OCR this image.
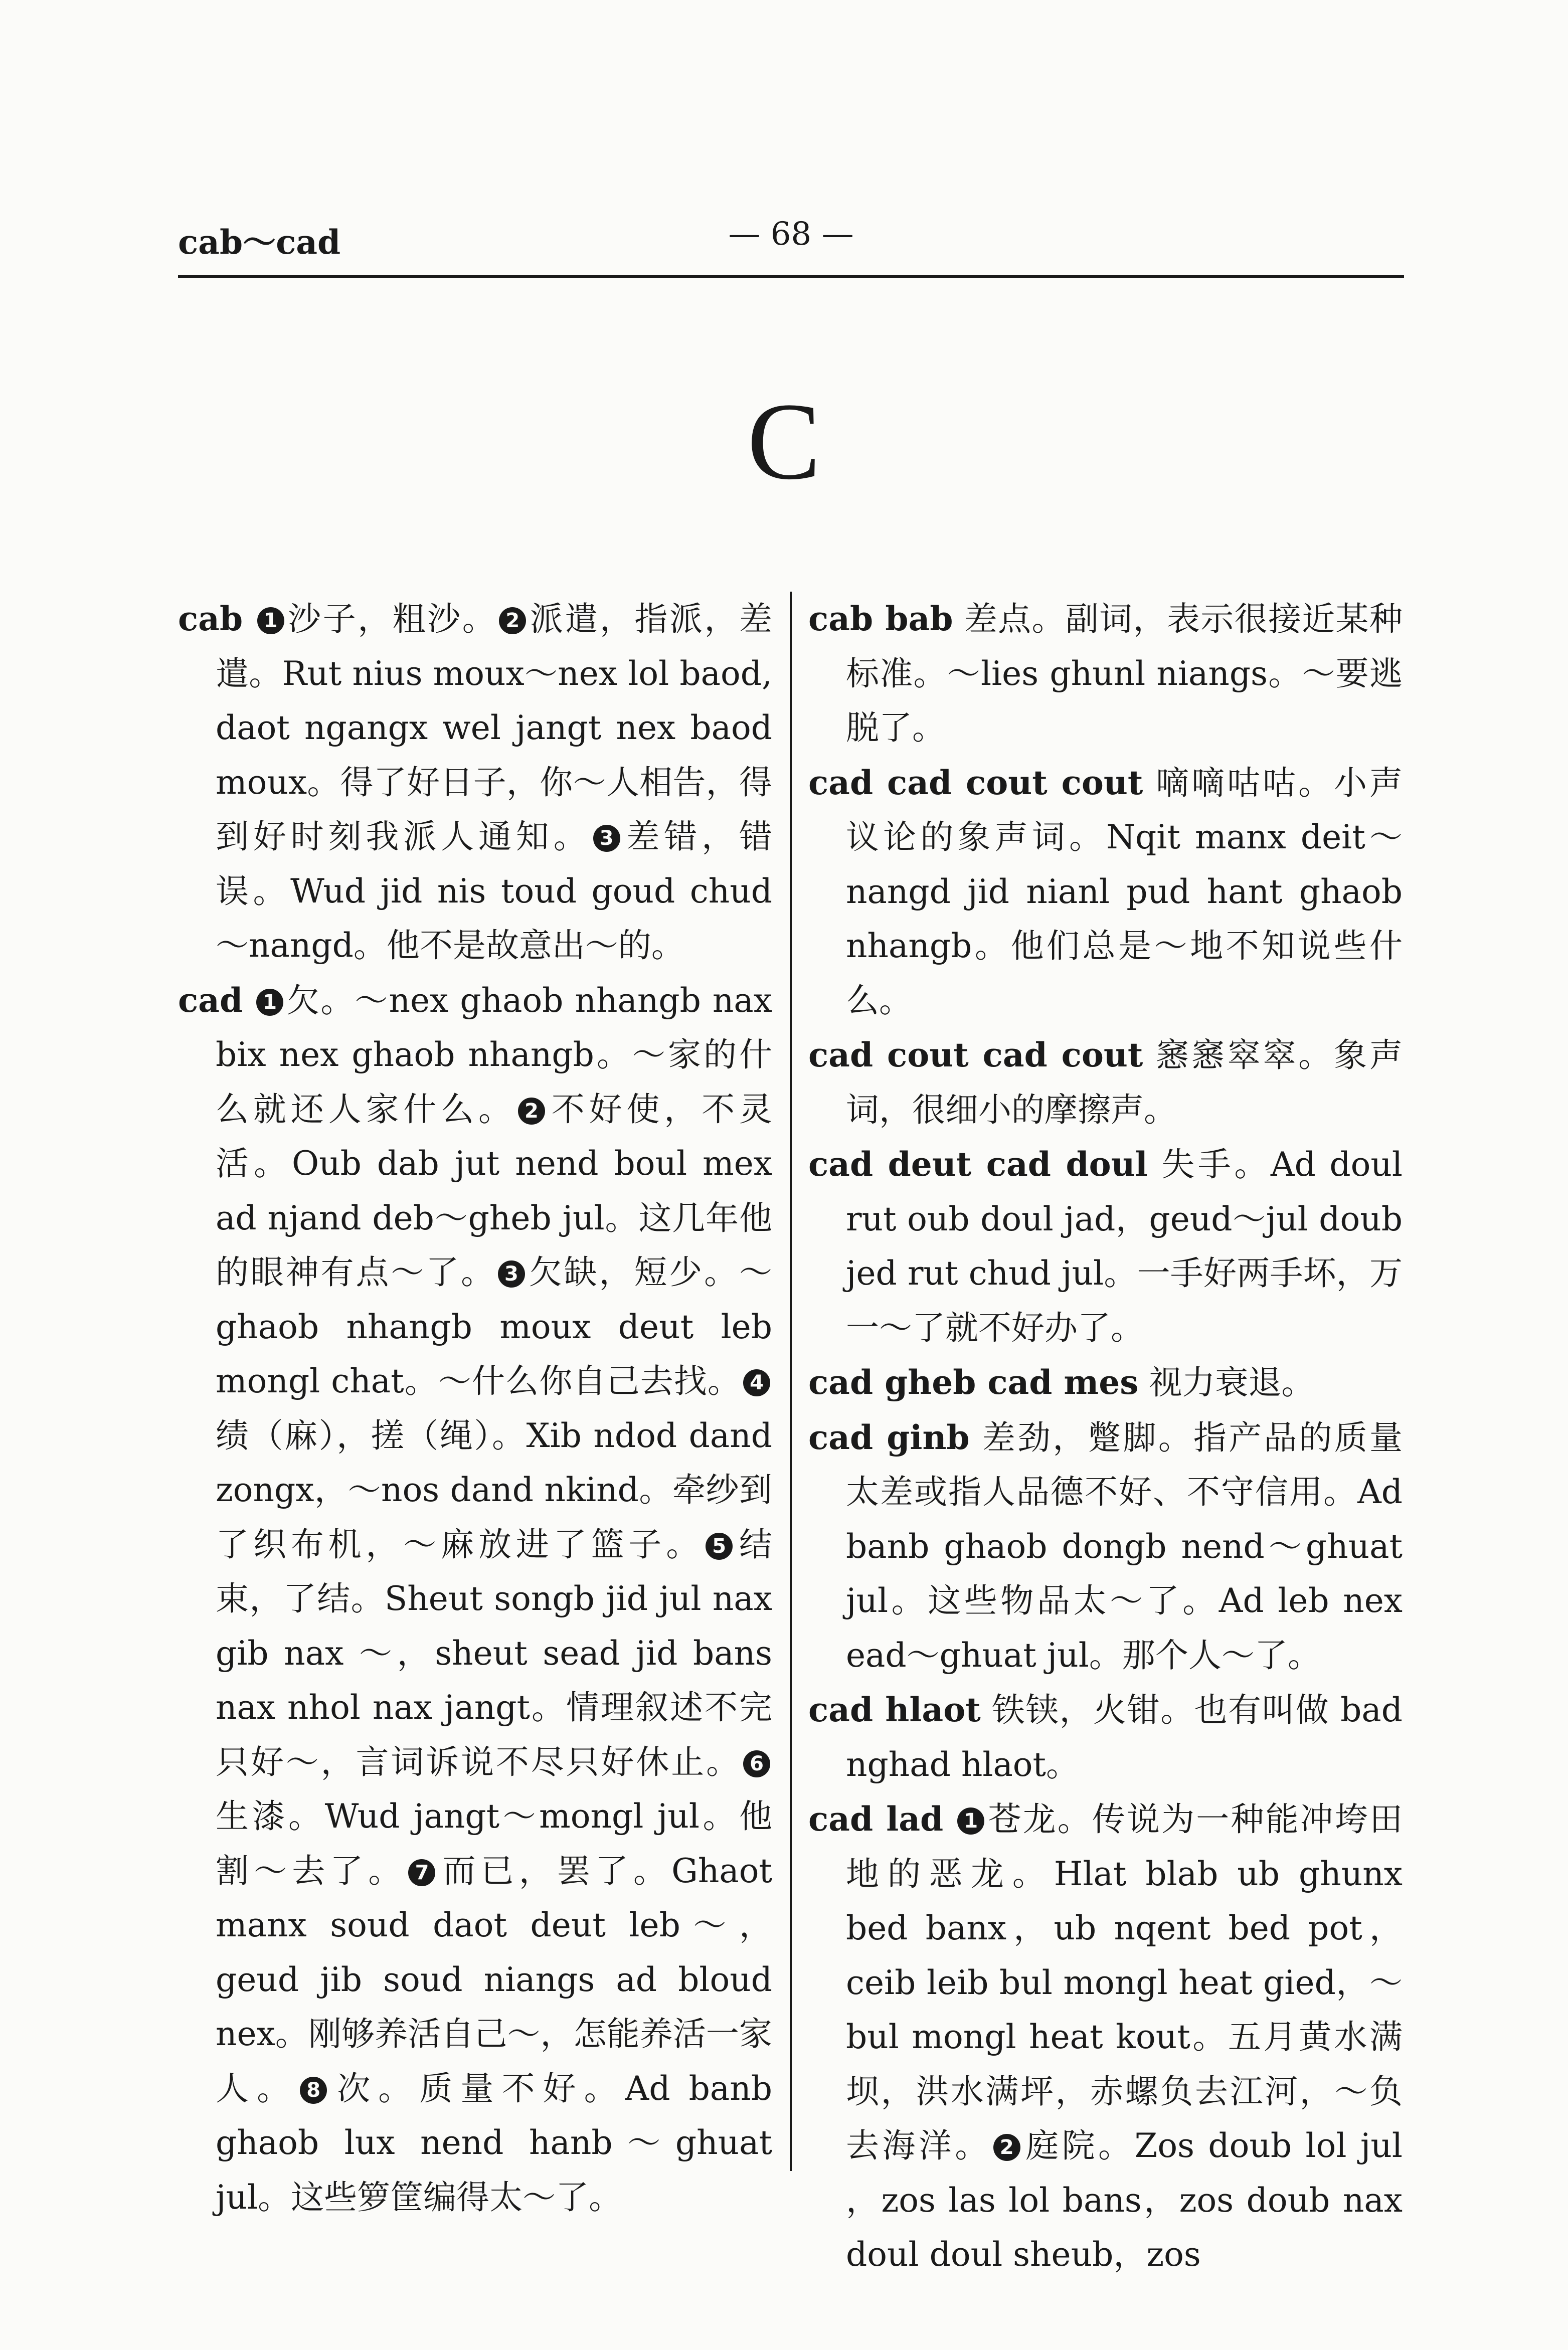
cab～cad	— 68 —
C

cab 1 沙子，粗沙。 2 派遣，指派，差遣。Rut nius moux～nex lol baod, daot ngangx wel jangt nex baod moux。得了好日子，你～人相告，得到好时刻我派人通知。 3 差错，错误。Wud jid nis toud goud chud～nangd。他不是故意出～的。

cad 1 欠。～nex ghaob nhangb nax bix nex ghaob nhangb。～家的什么就还人家什么。 2 不好使，不灵活。Oub dab jut nend boul mex ad njand deb～gheb jul。这几年他的眼神有点～了。 3 欠缺，短少。～ghaob nhangb moux deut leb mongl chat。～什么你自己去找。 4绩（麻），搓（绳）。Xib ndod dand zongx，～nos dand nkind。牵纱到了织布机，～麻放进了篮子。 5 结束，了结。Sheut songb jid jul nax gib nax ～，sheut sead jid bans nax nhol nax jangt。情理叙述不完只好～，言词诉说不尽只好休止。 6生漆。Wud jangt～mongl jul。他割～去了。 7 而已，罢了。Ghaot manx soud daot deut leb～，geud jib soud niangs ad bloud nex。刚够养活自己～，怎能养活一家人。 8 次。质量不好。Ad banb ghaob lux nend hanb～ghuat jul。这些箩筐编得太～了。

cab bab 差点。副词，表示很接近某种标准。～lies ghunl niangs。～要逃脱了。

cad cad cout cout 嘀嘀咕咕。小声议论的象声词。Nqit manx deit～nangd jid nianl pud hant ghaob nhangb。他们总是～地不知说些什么。

cad cout cad cout 窸窸窣窣。象声词，很细小的摩擦声。

cad deut cad doul 失手。Ad doul rut oub doul jad，geud～jul doub jed rut chud jul。一手好两手坏，万一～了就不好办了。

cad gheb cad mes 视力衰退。

cad ginb 差劲，蹩脚。指产品的质量太差或指人品德不好、不守信用。Ad banb ghaob dongb nend～ghuat jul。这些物品太～了。Ad leb nex ead～ghuat jul。那个人～了。

cad hlaot 铁铗，火钳。也有叫做 bad nghad hlaot。

cad lad 1 苍龙。传说为一种能冲垮田地的恶龙。Hlat blab ub ghunx bed banx，ub nqent bed pot，ceib leib bul mongl heat gied，～bul mongl heat kout。五月黄水满坝，洪水满坪，赤螺负去江河，～负去海洋。 2 庭院。Zos doub lol jul ，zos las lol bans，zos doub nax doul doul sheub，zos
